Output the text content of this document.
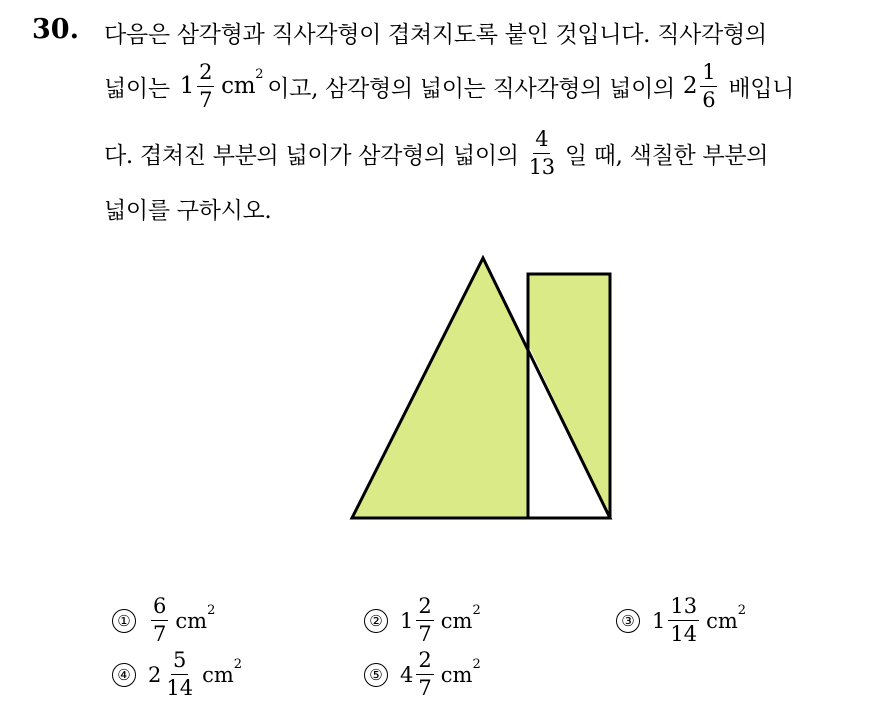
30. 다음은 삼각형과 직사각형이 겹쳐지도록 붙인 것입니다. 직사각형의
넓이는 $1 \frac{2}{7} cm^2$
이고, 삼각형의 넓이는 직사각형의 넓이의 $2 \frac{1}{6}$ 배입니
다. 겹쳐진 부분의 넓이가 삼각형의 넓이의 $\frac{4}{13}$ 일 때, 색칠한 부분의
넓이를 구하시오.
① $\frac{6}{7} cm^2$
② $1 \frac{2}{7} cm^2$
③ $1 \frac{13}{14} cm^2$
④ $2 \frac{5}{14} cm^2$
⑤ $4 \frac{2}{7} cm^2$
